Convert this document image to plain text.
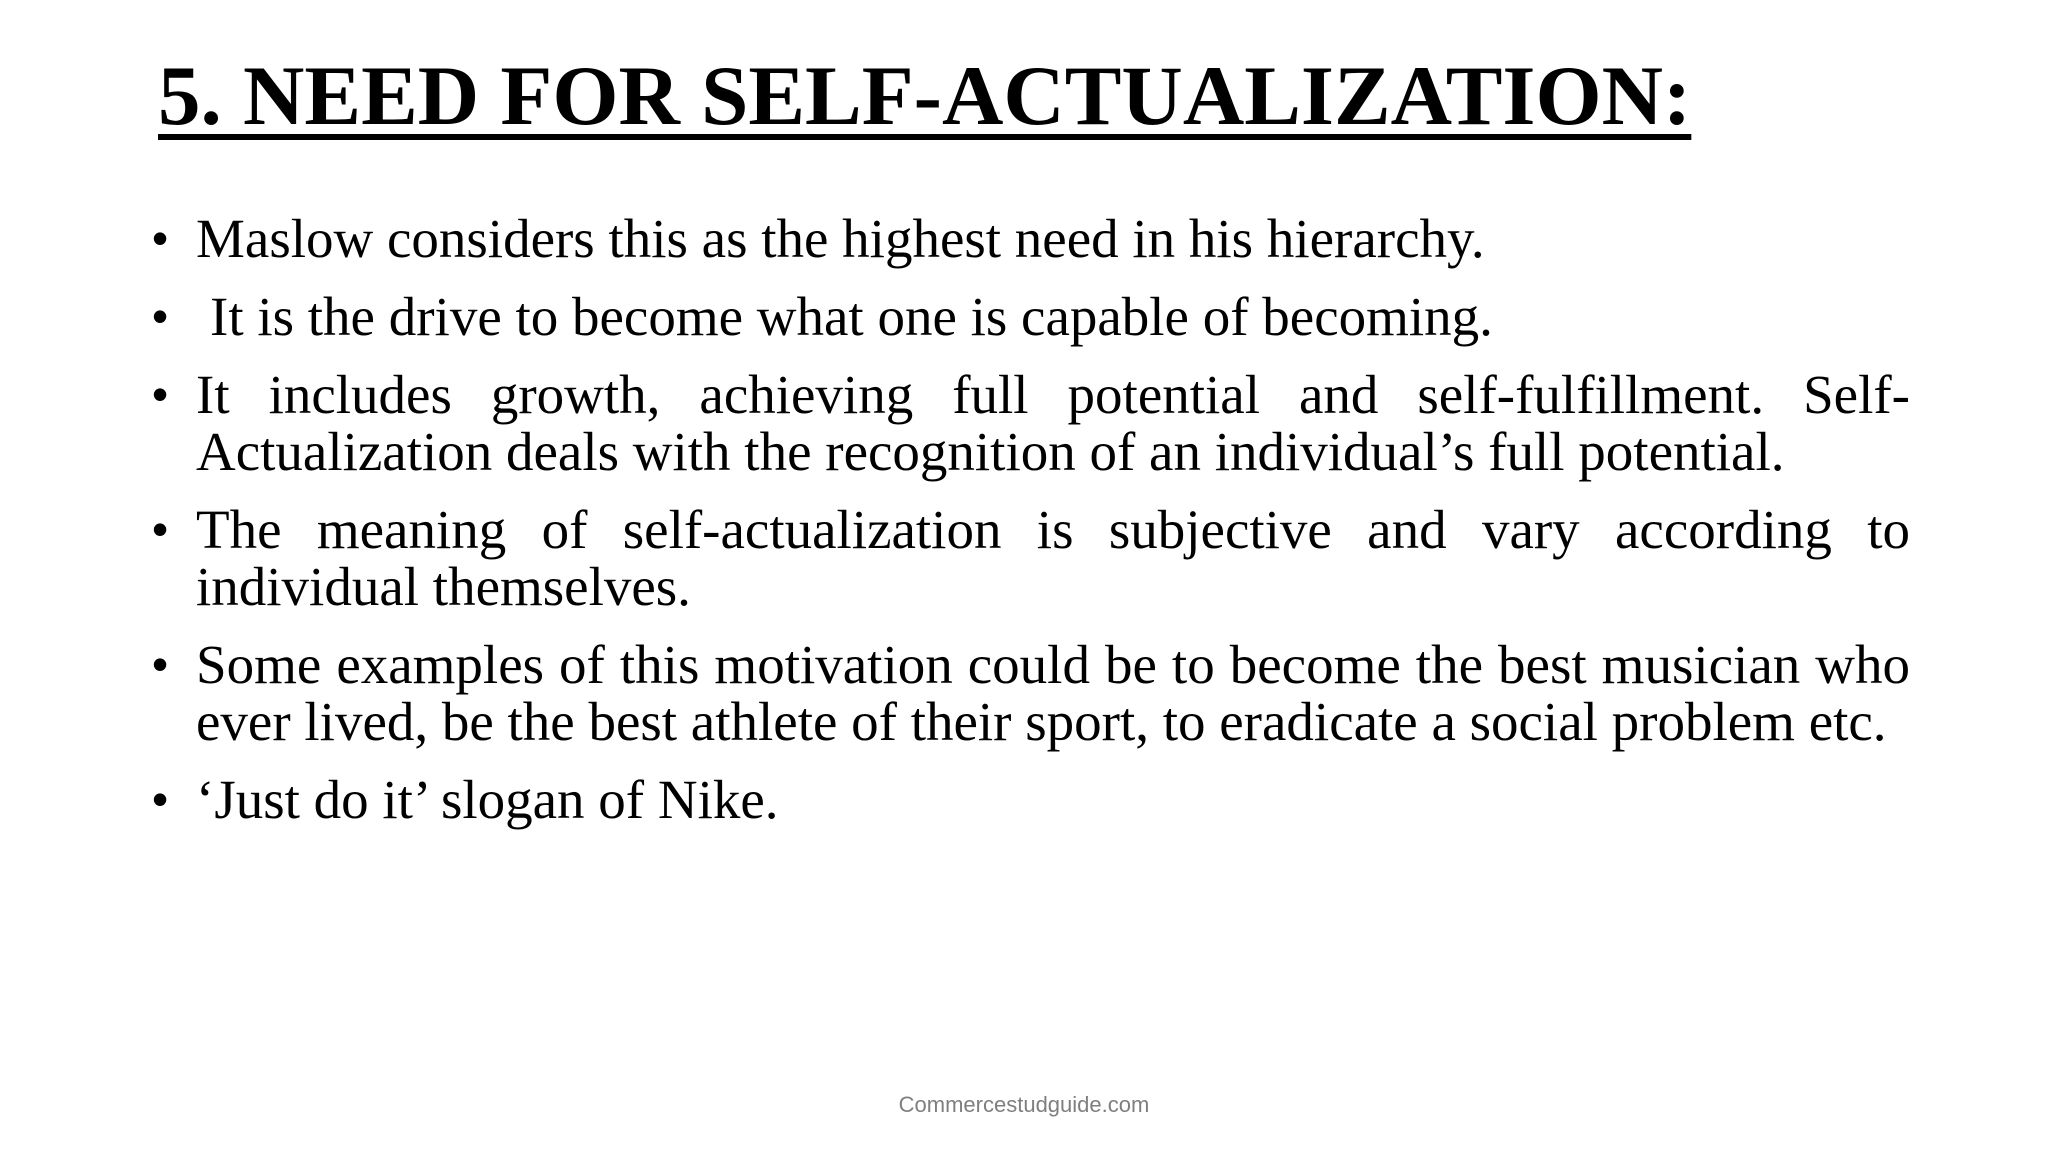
5. NEED FOR SELF-ACTUALIZATION:
• Maslow considers this as the highest need in his hierarchy.
• It is the drive to become what one is capable of becoming.
• It includes growth, achieving full potential and self-fulfillment. Self-Actualization deals with the recognition of an individual’s full potential.
• The meaning of self-actualization is subjective and vary according to individual themselves.
• Some examples of this motivation could be to become the best musician who ever lived, be the best athlete of their sport, to eradicate a social problem etc.
• ‘Just do it’ slogan of Nike.
Commercestudguide.com
